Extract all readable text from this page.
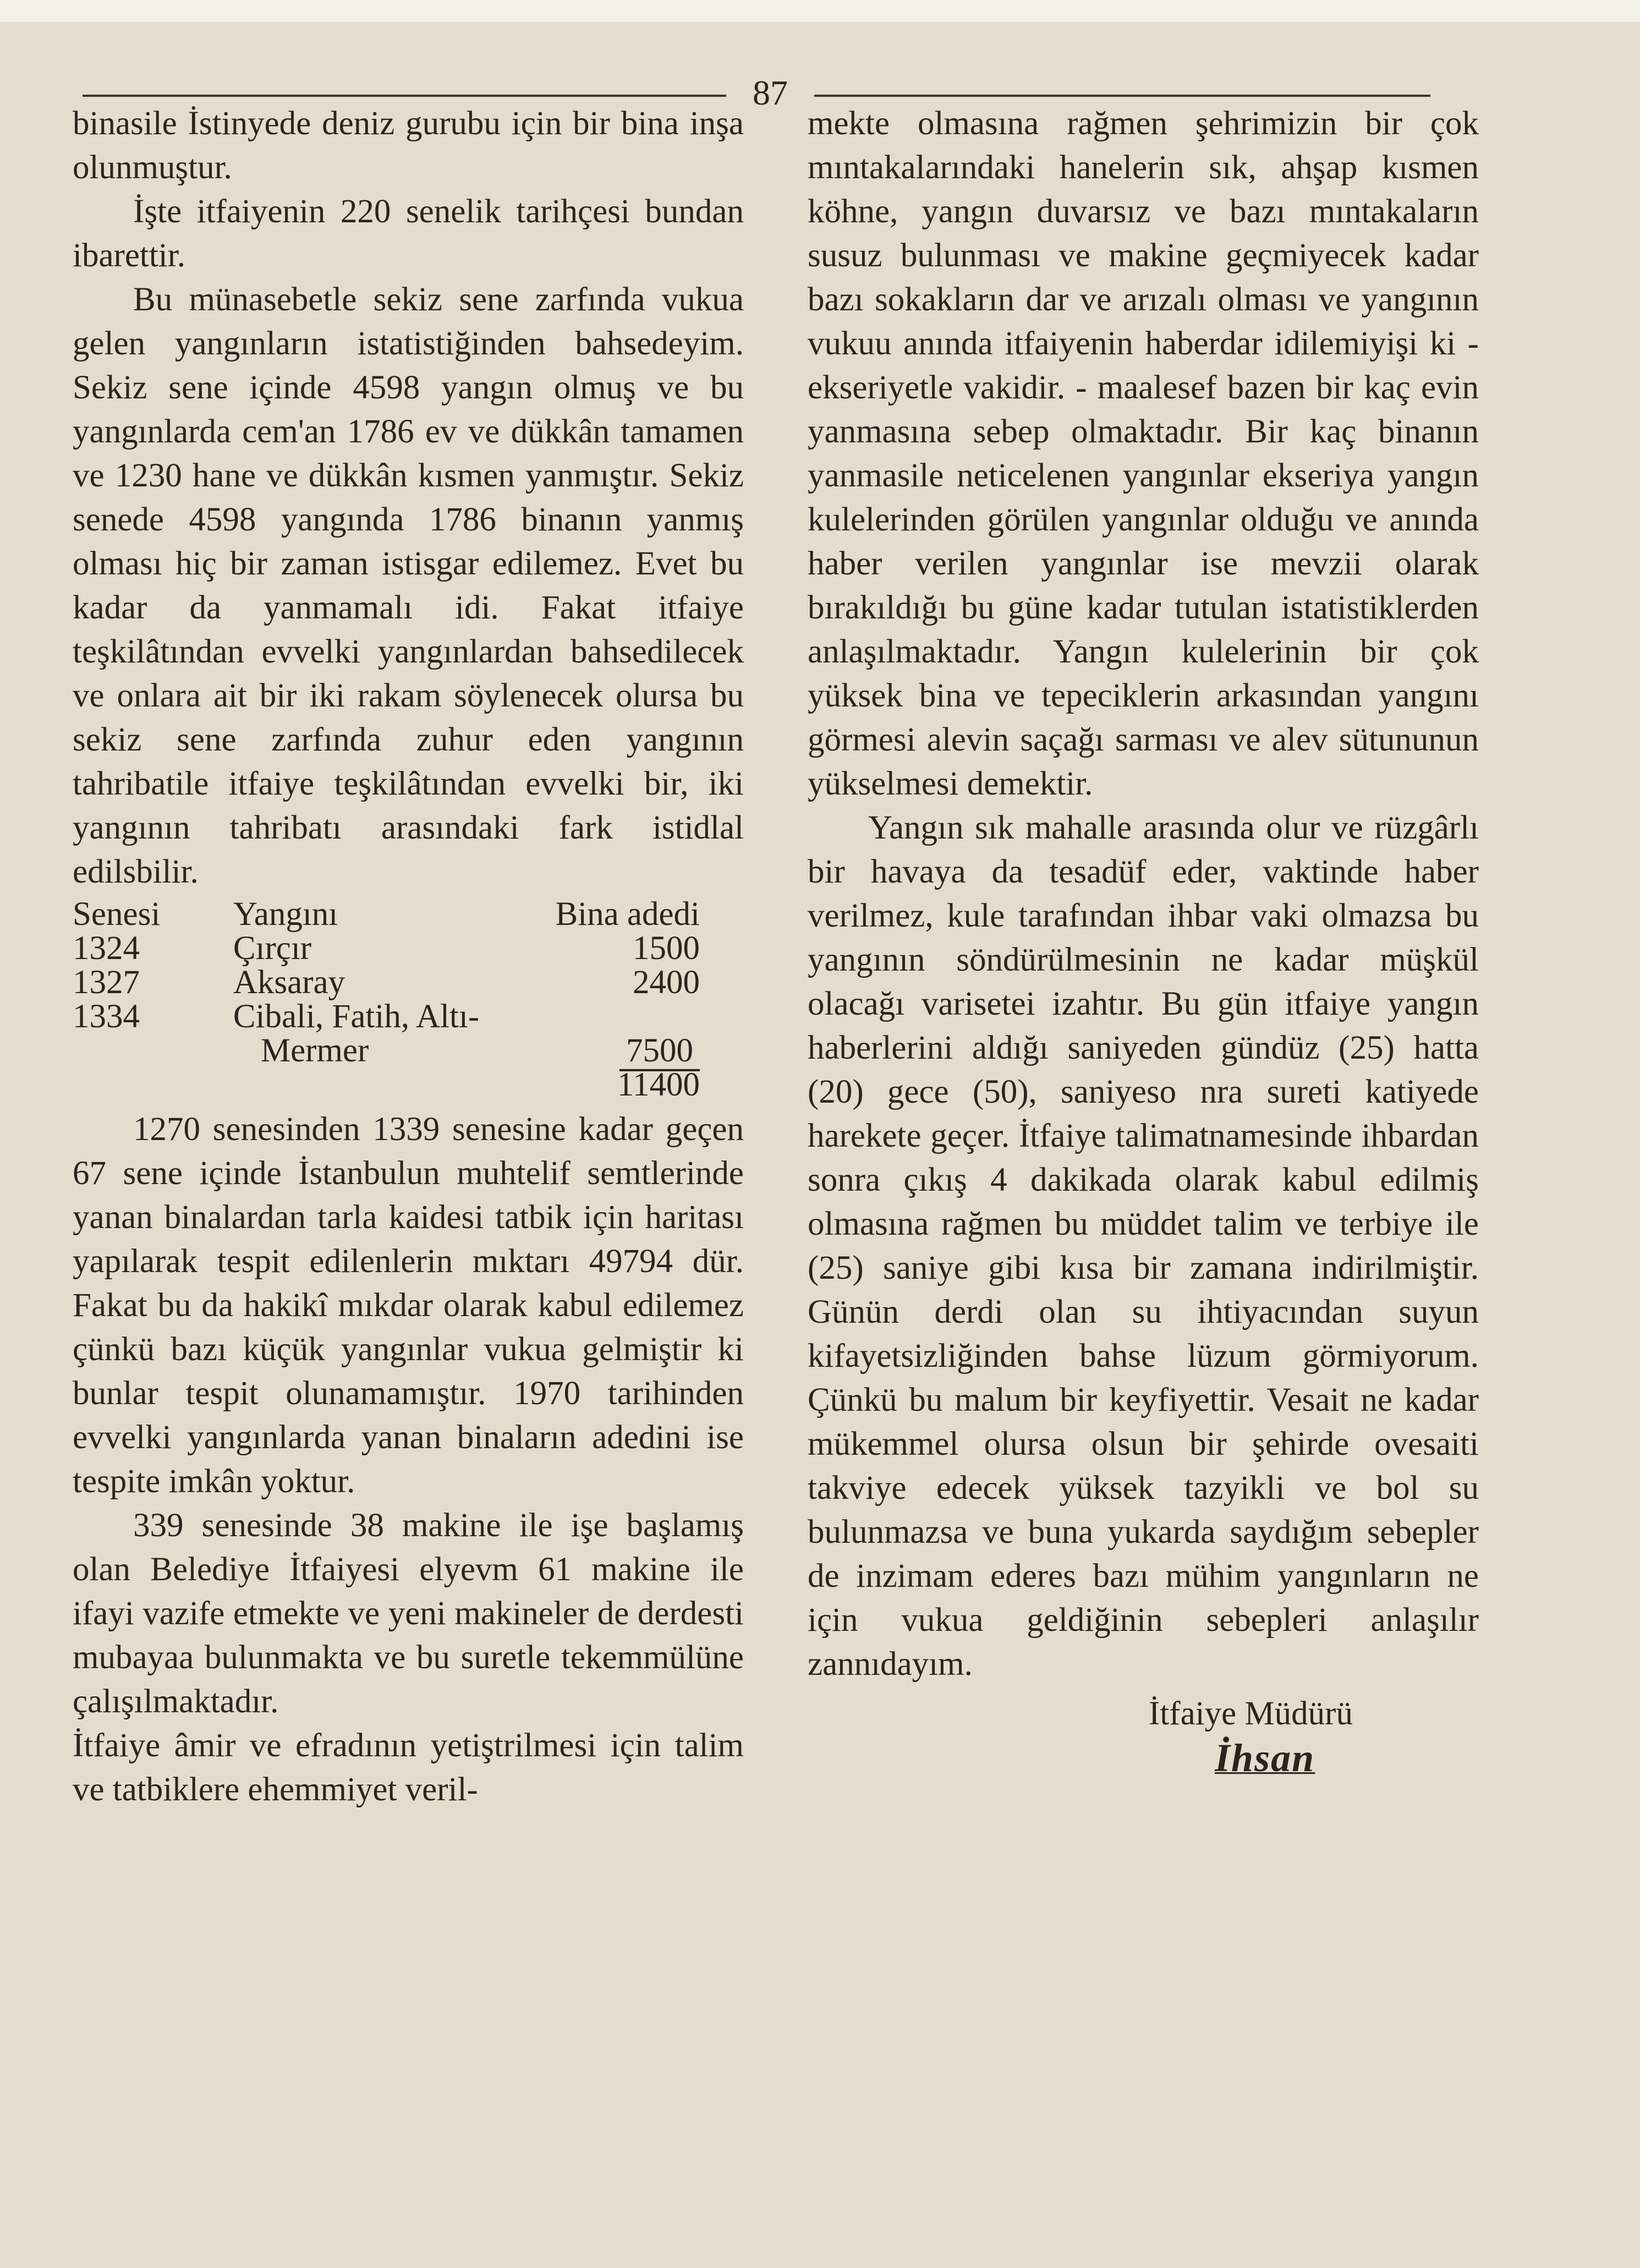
87

binasile İstinyede deniz gurubu için bir bina inşa olunmuştur.

İşte itfaiyenin 220 senelik tarihçesi bundan ibarettir.

Bu münasebetle sekiz sene zarfında vukua gelen yangınların istatistiğinden bahsedeyim. Sekiz sene içinde 4598 yangın olmuş ve bu yangınlarda cem'an 1786 ev ve dükkân tamamen ve 1230 hane ve dükkân kısmen yanmıştır. Sekiz senede 4598 yangında 1786 binanın yanmış olması hiç bir zaman istisgar edilemez. Evet bu kadar da yanmamalı idi. Fakat itfaiye teşkilâtından evvelki yangınlardan bahsedilecek ve onlara ait bir iki rakam söylenecek olursa bu sekiz sene zarfında zuhur eden yangının tahribatile itfaiye teşkilâtından evvelki bir, iki yangının tahribatı arasındaki fark istidlal edilsbilir.

Senesi	Yangını	Bina adedi
1324	Çırçır	1500
1327	Aksaray	2400
1334	Cibali, Fatih, Altı-	
	Mermer	7500
		11400

1270 senesinden 1339 senesine kadar geçen 67 sene içinde İstanbulun muhtelif semtlerinde yanan binalardan tarla kaidesi tatbik için haritası yapılarak tespit edilenlerin mıktarı 49794 dür. Fakat bu da hakikî mıkdar olarak kabul edilemez çünkü bazı küçük yangınlar vukua gelmiştir ki bunlar tespit olunamamıştır. 1970 tarihinden evvelki yangınlarda yanan binaların adedini ise tespite imkân yoktur.

339 senesinde 38 makine ile işe başlamış olan Belediye İtfaiyesi elyevm 61 makine ile ifayi vazife etmekte ve yeni makineler de derdesti mubayaa bulunmakta ve bu suretle tekemmülüne çalışılmaktadır.

İtfaiye âmir ve efradının yetiştrilmesi için talim ve tatbiklere ehemmiyet veril-

mekte olmasına rağmen şehrimizin bir çok mıntakalarındaki hanelerin sık, ahşap kısmen köhne, yangın duvarsız ve bazı mıntakaların susuz bulunması ve makine geçmiyecek kadar bazı sokakların dar ve arızalı olması ve yangının vukuu anında itfaiyenin haberdar idilemiyişi ki - ekseriyetle vakidir. - maalesef bazen bir kaç evin yanmasına sebep olmaktadır. Bir kaç binanın yanmasile neticelenen yangınlar ekseriya yangın kulelerinden görülen yangınlar olduğu ve anında haber verilen yangınlar ise mevzii olarak bırakıldığı bu güne kadar tutulan istatistiklerden anlaşılmaktadır. Yangın kulelerinin bir çok yüksek bina ve tepeciklerin arkasından yangını görmesi alevin saçağı sarması ve alev sütununun yükselmesi demektir.

Yangın sık mahalle arasında olur ve rüzgârlı bir havaya da tesadüf eder, vaktinde haber verilmez, kule tarafından ihbar vaki olmazsa bu yangının söndürülmesinin ne kadar müşkül olacağı varisetei izahtır. Bu gün itfaiye yangın haberlerini aldığı saniyeden gündüz (25) hatta (20) gece (50), saniyeso nra sureti katiyede harekete geçer. İtfaiye talimatnamesinde ihbardan sonra çıkış 4 dakikada olarak kabul edilmiş olmasına rağmen bu müddet talim ve terbiye ile (25) saniye gibi kısa bir zamana indirilmiştir. Günün derdi olan su ihtiyacından suyun kifayetsizliğinden bahse lüzum görmiyorum. Çünkü bu malum bir keyfiyettir. Vesait ne kadar mükemmel olursa olsun bir şehirde ovesaiti takviye edecek yüksek tazyikli ve bol su bulunmazsa ve buna yukarda saydığım sebepler de inzimam ederes bazı mühim yangınların ne için vukua geldiğinin sebepleri anlaşılır zannıdayım.

İtfaiye Müdürü
İhsan
